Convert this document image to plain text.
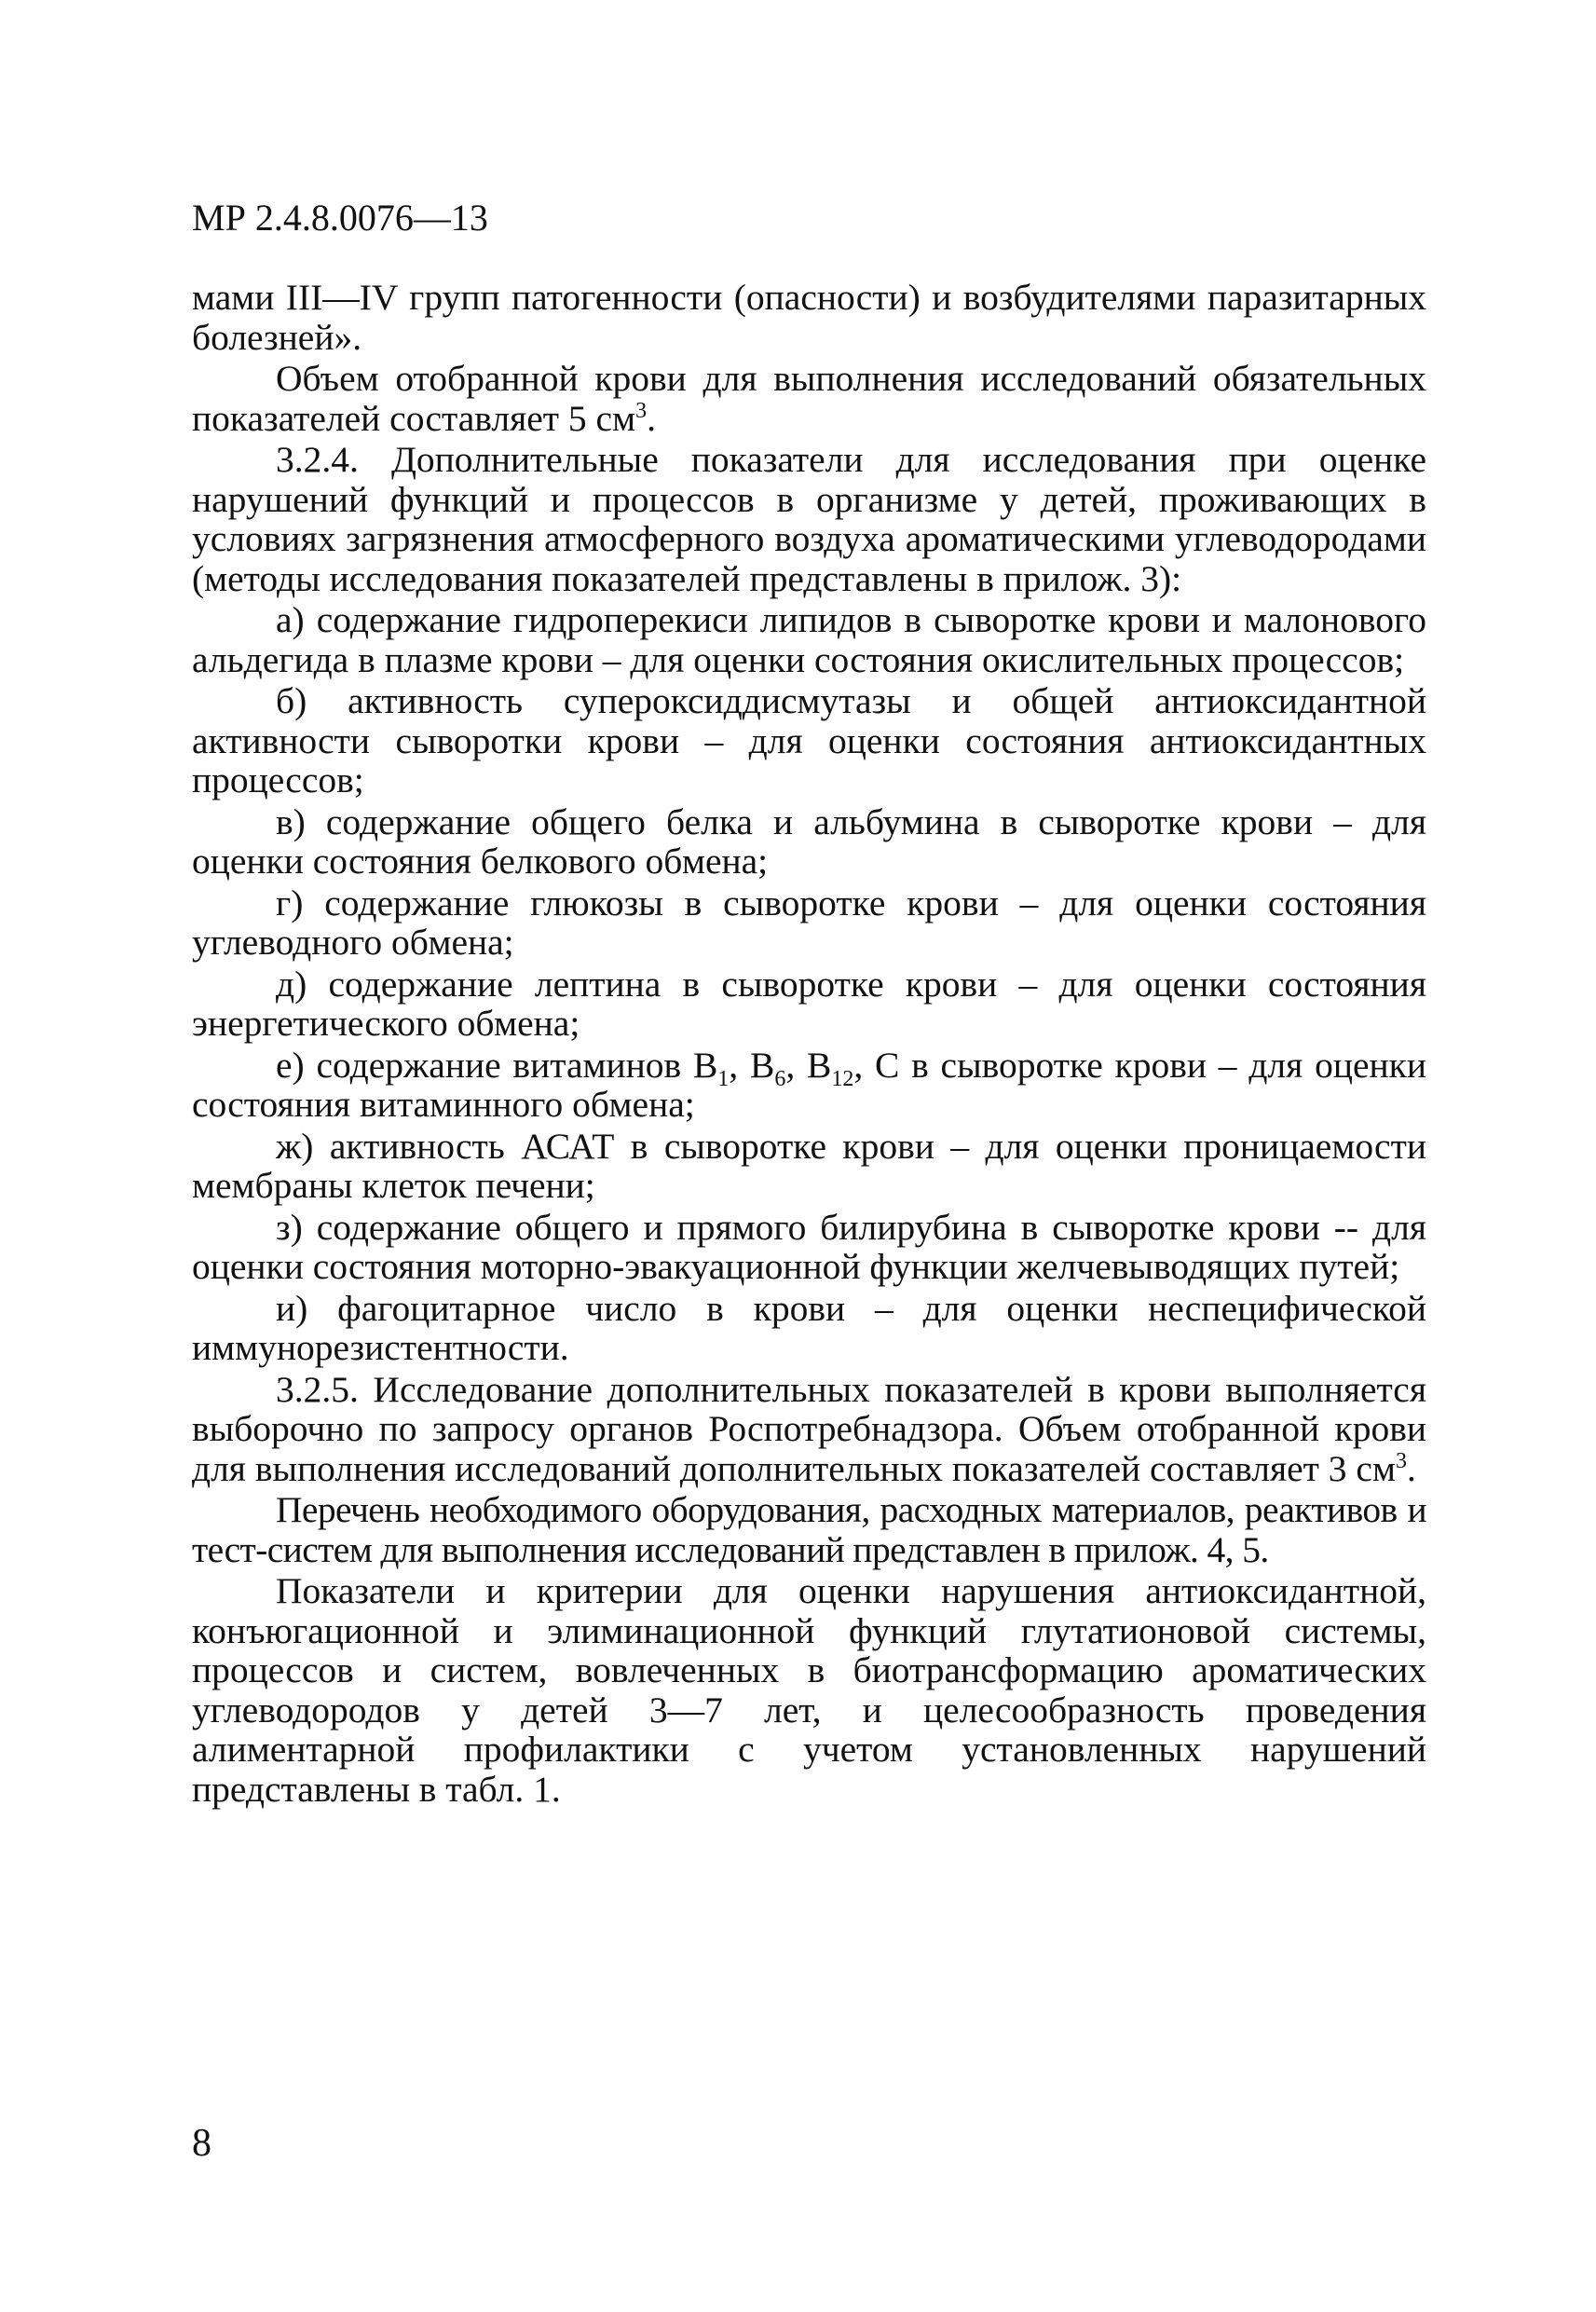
МР 2.4.8.0076—13

мами III—IV групп патогенности (опасности) и возбудителями паразитарных болезней».

Объем отобранной крови для выполнения исследований обязательных показателей составляет 5 $см^3$.

3.2.4. Дополнительные показатели для исследования при оценке нарушений функций и процессов в организме у детей, проживающих в условиях загрязнения атмосферного воздуха ароматическими углеводородами (методы исследования показателей представлены в прилож. 3):

а) содержание гидроперекиси липидов в сыворотке крови и малонового альдегида в плазме крови – для оценки состояния окислительных процессов;

б) активность супероксиддисмутазы и общей антиоксидантной активности сыворотки крови – для оценки состояния антиоксидантных процессов;

в) содержание общего белка и альбумина в сыворотке крови – для оценки состояния белкового обмена;

г) содержание глюкозы в сыворотке крови – для оценки состояния углеводного обмена;

д) содержание лептина в сыворотке крови – для оценки состояния энергетического обмена;

е) содержание витаминов $B_1$, $B_6$, $B_{12}$, C в сыворотке крови – для оценки состояния витаминного обмена;

ж) активность АСАТ в сыворотке крови – для оценки проницаемости мембраны клеток печени;

з) содержание общего и прямого билирубина в сыворотке крови -- для оценки состояния моторно-эвакуационной функции желчевыводящих путей;

и) фагоцитарное число в крови – для оценки неспецифической иммунорезистентности.

3.2.5. Исследование дополнительных показателей в крови выполняется выборочно по запросу органов Роспотребнадзора. Объем отобранной крови для выполнения исследований дополнительных показателей составляет 3 $см^3$.

Перечень необходимого оборудования, расходных материалов, реактивов и тест-систем для выполнения исследований представлен в прилож. 4, 5.

Показатели и критерии для оценки нарушения антиоксидантной, конъюгационной и элиминационной функций глутатионовой системы, процессов и систем, вовлеченных в биотрансформацию ароматических углеводородов у детей 3—7 лет, и целесообразность проведения алиментарной профилактики с учетом установленных нарушений представлены в табл. 1.

8
